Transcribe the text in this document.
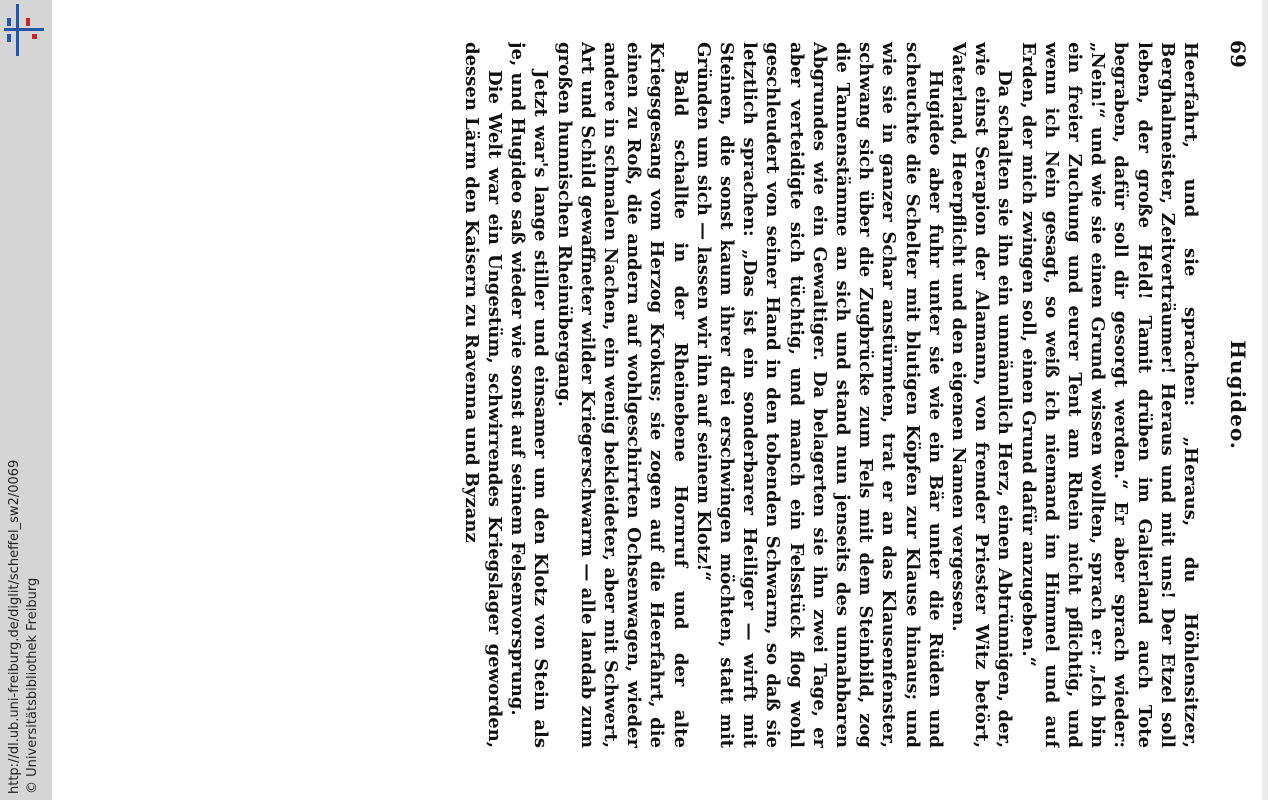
http://dl.ub.uni-freiburg.de/diglit/scheffel_sw2/0069 © Universitätsbibliothek Freiburg
69
Hugideo.

Heerfahrt, und sie sprachen: „Heraus, du Höhlensitzer, Berghalmeister, Zeitverträumer! Heraus und mit uns! Der Etzel soll leben, der große Held! Tamit drüben im Galierland auch Tote begraben, dafür soll dir gesorgt werden.“ Er aber sprach wieder: „Nein!“ und wie sie einen Grund wissen wollten, sprach er: „Ich bin ein freier Zuchung und eurer Tent am Rhein nicht pflichtig, und wenn ich Nein gesagt, so weiß ich niemand im Himmel und auf Erden, der mich zwingen soll, einen Grund dafür anzugeben.“

Da schalten sie ihn ein unmännlich Herz, einen Abtrünnigen, der, wie einst Serapion der Alamann, von fremder Priester Witz betört, Vaterland, Heerpflicht und den eigenen Namen vergessen.

Hugideo aber fuhr unter sie wie ein Bär unter die Rüden und scheuchte die Schelter mit blutigen Köpfen zur Klause hinaus; und wie sie in ganzer Schar anstürmten, trat er an das Klausenfenster, schwang sich über die Zugbrücke zum Fels mit dem Steinbild, zog die Tannenstämme an sich und stand nun jenseits des unnahbaren Abgrundes wie ein Gewaltiger. Da belagerten sie ihn zwei Tage, er aber verteidigte sich tüchtig, und manch ein Felsstück flog wohl geschleudert von seiner Hand in den tobenden Schwarm, so daß sie letztlich sprachen: „Das ist ein sonderbarer Heiliger — wirft mit Steinen, die sonst kaum ihrer drei erschwingen möchten, statt mit Gründen um sich — lassen wir ihn auf seinem Klotz!“

Bald schallte in der Rheinebene Hornruf und der alte Kriegsgesang vom Herzog Krokus; sie zogen auf die Heerfahrt, die einen zu Roß, die andern auf wohlgeschirrten Ochsenwagen, wieder andere in schmalen Nachen, ein wenig bekleideter, aber mit Schwert, Art und Schild gewaffneter wilder Kriegerschwarm — alle landab zum großen hunnischen Rheinübergang.

Jetzt war's lange stiller und einsamer um den Klotz von Stein als je, und Hugideo saß wieder wie sonst auf seinem Felsenvorsprung.

Die Welt war ein Ungestüm, schwirrendes Kriegslager geworden, dessen Lärm den Kaisern zu Ravenna und Byzanz
